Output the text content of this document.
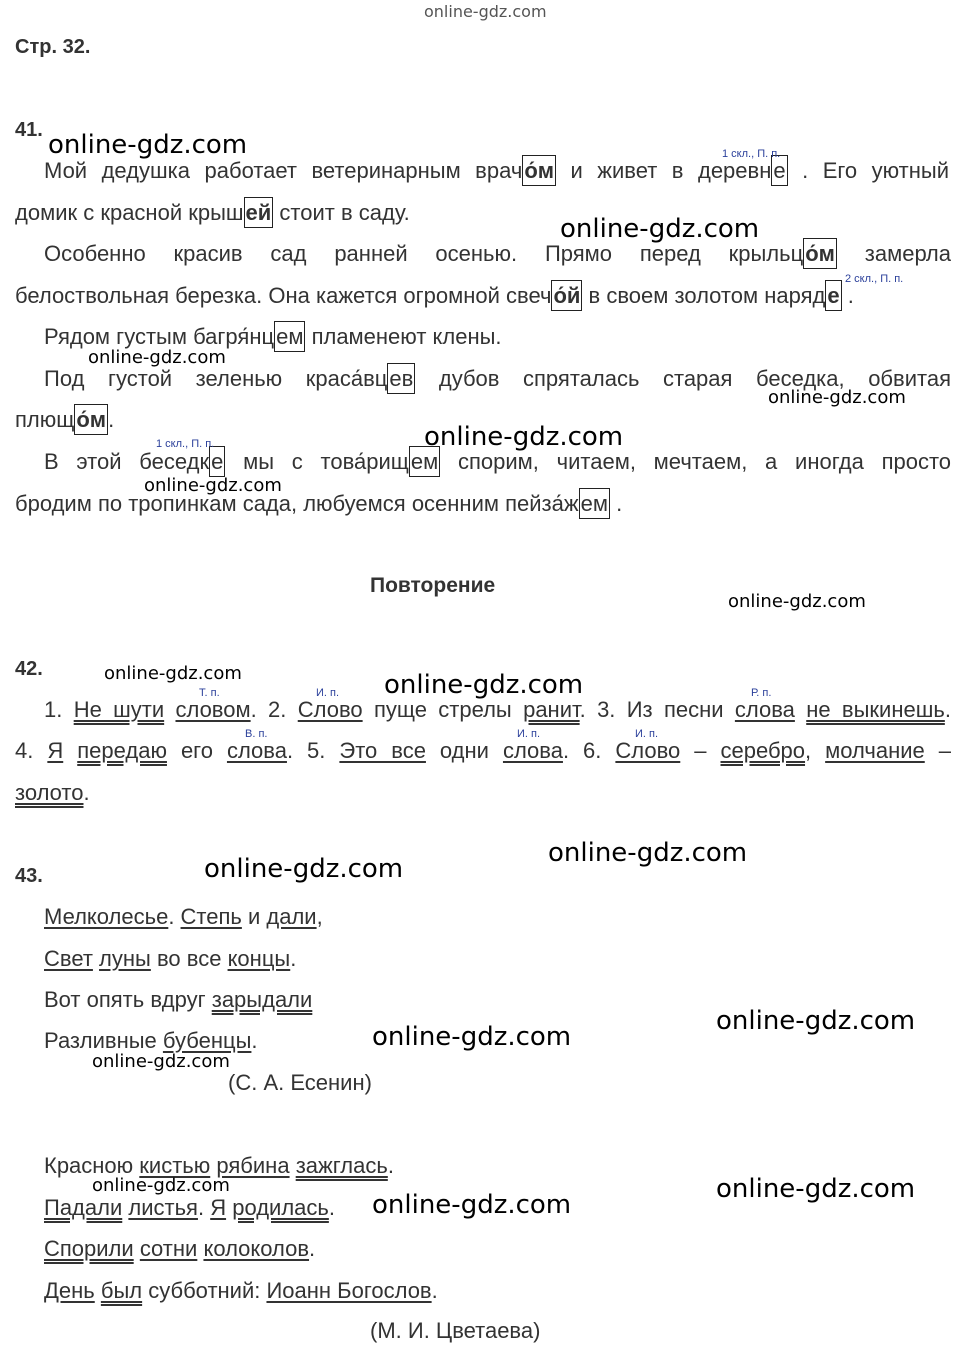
online-gdz.com
Стр. 32.
41.
Мой дедушка работает ветеринарным врачо́м и живет в деревне . Его уютный
1 скл., П. п.
домик с красной крышей стоит в саду.
Особенно красив сад ранней осенью. Прямо перед крыльцо́м замерла
белоствольная березка. Она кажется огромной свечо́й в своем золотом наряде .
2 скл., П. п.
Рядом густым багря́нцем пламенеют клены.
Под густой зеленью краса́вцев дубов спряталась старая беседка, обвитая
плющо́м.
В этой беседке мы с това́рищем спорим, читаем, мечтаем, а иногда просто
1 скл., П. п.
бродим по тропинкам сада, любуемся осенним пейза́жем .
Повторение
42.
1. Не шути словом. 2. Слово пуще стрелы ранит. 3. Из песни слова не выкинешь.
Т. п.	И. п.	Р. п.
4. Я передаю его слова. 5. Это все одни слова. 6. Слово – серебро, молчание –
В. п.	И. п.	И. п.
золото.
43.
Мелколесье. Степь и дали,
Свет луны во все концы.
Вот опять вдруг зарыдали
Разливные бубенцы.
(С. А. Есенин)
Красною кистью рябина зажглась.
Падали листья. Я родилась.
Спорили сотни колоколов.
День был субботний: Иоанн Богослов.
(М. И. Цветаева)
online-gdz.com
online-gdz.com
online-gdz.com
online-gdz.com
online-gdz.com
online-gdz.com
online-gdz.com
online-gdz.com	online-gdz.com
online-gdz.com
online-gdz.com
online-gdz.com
online-gdz.com
online-gdz.com
online-gdz.com	online-gdz.com
online-gdz.com
